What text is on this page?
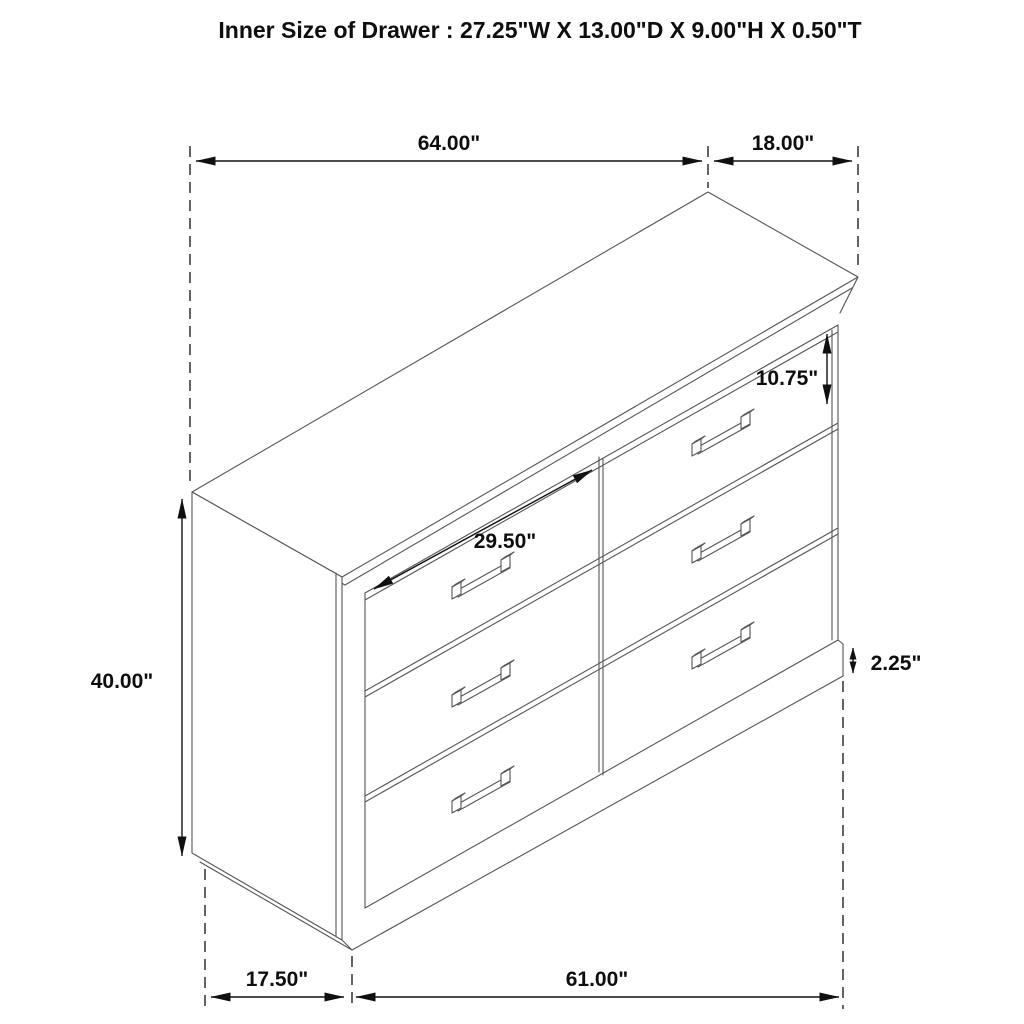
64.00"	18.00"
10.75"
29.50"
40.00"
2.25"
17.50"	61.00"
Inner Size of Drawer : 27.25"W X 13.00"D X 9.00"H X 0.50"T
